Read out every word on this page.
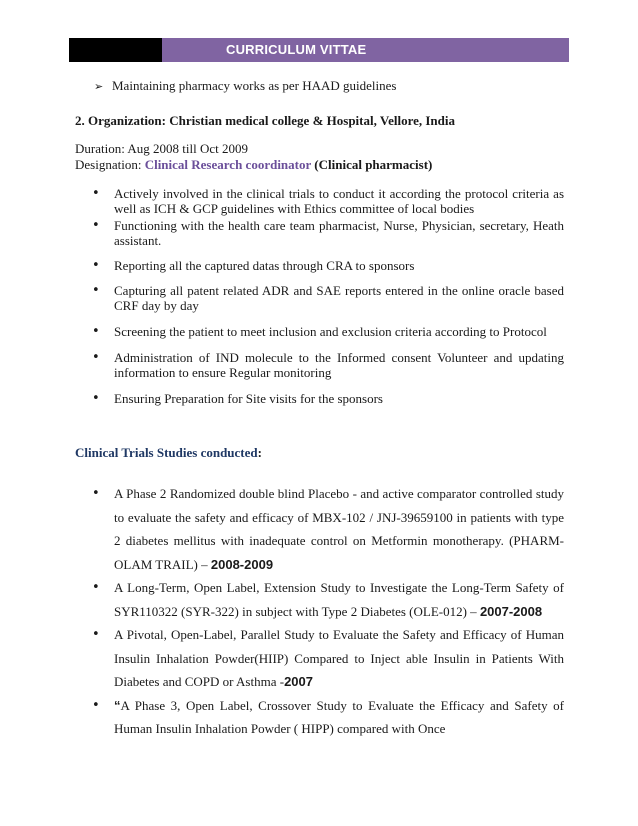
CURRICULUM VITTAE
➢ Maintaining pharmacy works as per HAAD guidelines
2. Organization: Christian medical college & Hospital, Vellore, India
Duration: Aug 2008 till Oct 2009
Designation: Clinical Research coordinator (Clinical pharmacist)
• Actively involved in the clinical trials to conduct it according the protocol criteria as well as ICH & GCP guidelines with Ethics committee of local bodies
• Functioning with the health care team pharmacist, Nurse, Physician, secretary, Heath assistant.
• Reporting all the captured datas through CRA to sponsors
• Capturing all patent related ADR and SAE reports entered in the online oracle based CRF day by day
• Screening the patient to meet inclusion and exclusion criteria according to Protocol
• Administration of IND molecule to the Informed consent Volunteer and updating information to ensure Regular monitoring
• Ensuring Preparation for Site visits for the sponsors
Clinical Trials Studies conducted:
• A Phase 2 Randomized double blind Placebo - and active comparator controlled study to evaluate the safety and efficacy of MBX-102 / JNJ-39659100 in patients with type 2 diabetes mellitus with inadequate control on Metformin monotherapy. (PHARM-OLAM TRAIL) – 2008-2009
• A Long-Term, Open Label, Extension Study to Investigate the Long-Term Safety of SYR110322 (SYR-322) in subject with Type 2 Diabetes (OLE-012) – 2007-2008
• A Pivotal, Open-Label, Parallel Study to Evaluate the Safety and Efficacy of Human Insulin Inhalation Powder(HIIP) Compared to Inject able Insulin in Patients With Diabetes and COPD or Asthma -2007
• “A Phase 3, Open Label, Crossover Study to Evaluate the Efficacy and Safety of Human Insulin Inhalation Powder ( HIPP) compared with Once
